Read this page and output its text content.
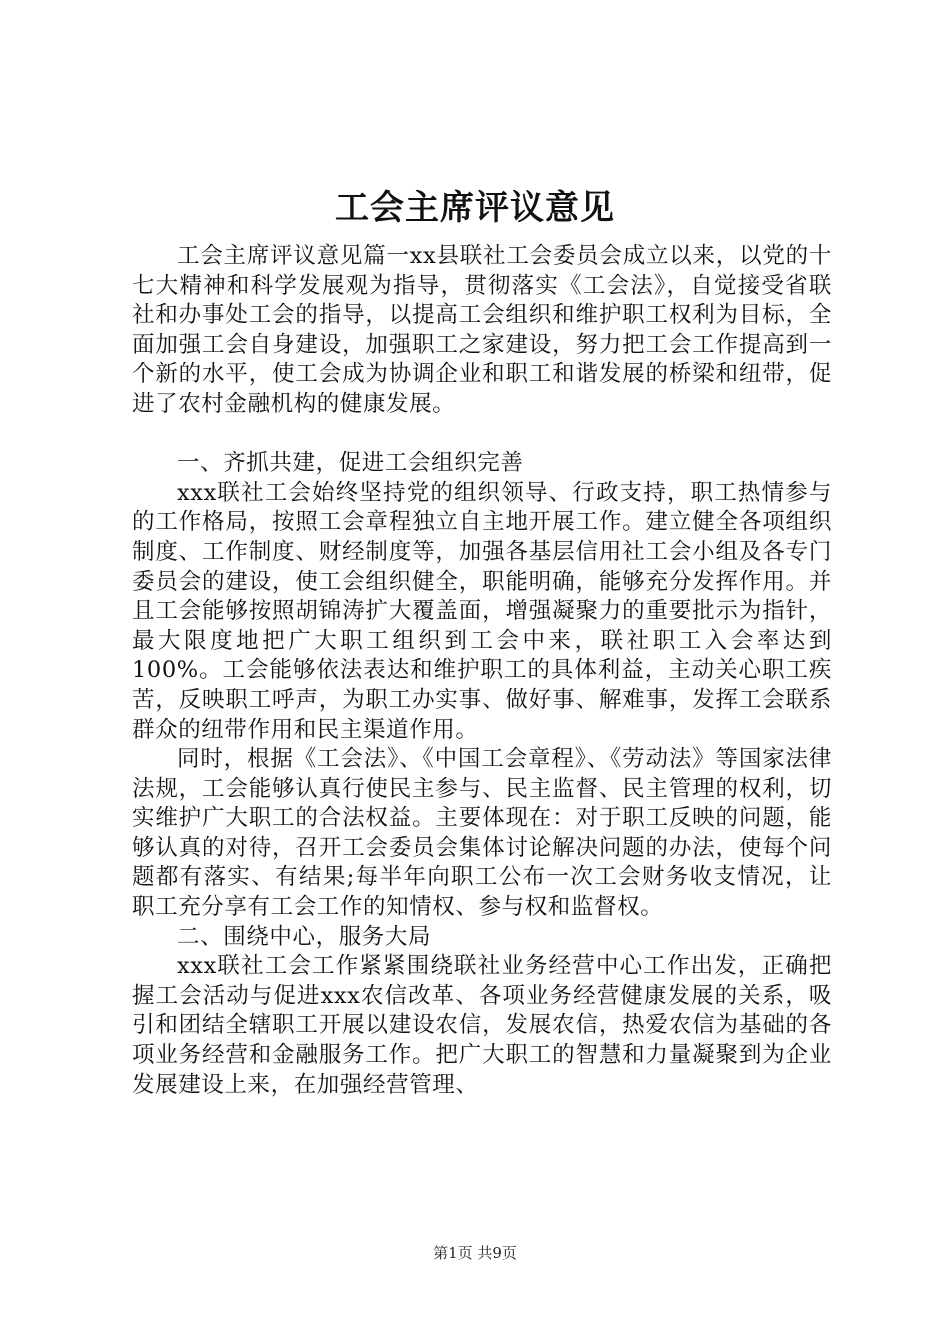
工会主席评议意见

工会主席评议意见篇一xx县联社工会委员会成立以来，以党的十七大精神和科学发展观为指导，贯彻落实《工会法》，自觉接受省联社和办事处工会的指导，以提高工会组织和维护职工权利为目标，全面加强工会自身建设，加强职工之家建设，努力把工会工作提高到一个新的水平，使工会成为协调企业和职工和谐发展的桥梁和纽带，促进了农村金融机构的健康发展。

一、齐抓共建，促进工会组织完善

xxx联社工会始终坚持党的组织领导、行政支持，职工热情参与的工作格局，按照工会章程独立自主地开展工作。建立健全各项组织制度、工作制度、财经制度等，加强各基层信用社工会小组及各专门委员会的建设，使工会组织健全，职能明确，能够充分发挥作用。并且工会能够按照胡锦涛扩大覆盖面，增强凝聚力的重要批示为指针，最大限度地把广大职工组织到工会中来，联社职工入会率达到100%。工会能够依法表达和维护职工的具体利益，主动关心职工疾苦，反映职工呼声，为职工办实事、做好事、解难事，发挥工会联系群众的纽带作用和民主渠道作用。

同时，根据《工会法》、《中国工会章程》、《劳动法》等国家法律法规，工会能够认真行使民主参与、民主监督、民主管理的权利，切实维护广大职工的合法权益。主要体现在：对于职工反映的问题，能够认真的对待，召开工会委员会集体讨论解决问题的办法，使每个问题都有落实、有结果;每半年向职工公布一次工会财务收支情况，让职工充分享有工会工作的知情权、参与权和监督权。

二、围绕中心，服务大局

xxx联社工会工作紧紧围绕联社业务经营中心工作出发，正确把握工会活动与促进xxx农信改革、各项业务经营健康发展的关系，吸引和团结全辖职工开展以建设农信，发展农信，热爱农信为基础的各项业务经营和金融服务工作。把广大职工的智慧和力量凝聚到为企业发展建设上来，在加强经营管理、

第1页 共9页
